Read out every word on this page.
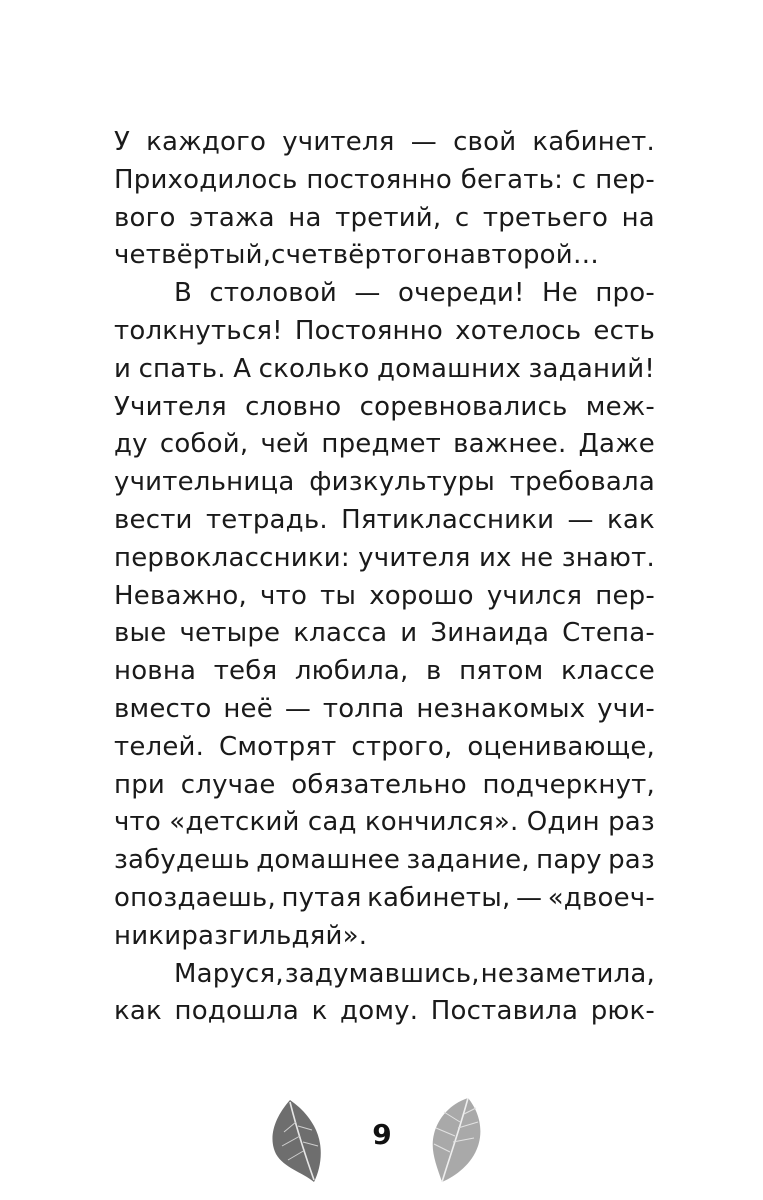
У каждого учителя — свой кабинет.
Приходилось постоянно бегать: с пер-
вого этажа на третий, с третьего на
четвёртый, с четвёртого на второй…
В столовой — очереди! Не про-
толкнуться! Постоянно хотелось есть
и спать. А сколько домашних заданий!
Учителя словно соревновались меж-
ду собой, чей предмет важнее. Даже
учительница физкультуры требовала
вести тетрадь. Пятиклассники — как
первоклассники: учителя их не знают.
Неважно, что ты хорошо учился пер-
вые четыре класса и Зинаида Степа-
новна тебя любила, в пятом классе
вместо неё — толпа незнакомых учи-
телей. Смотрят строго, оценивающе,
при случае обязательно подчеркнут,
что «детский сад кончился». Один раз
забудешь домашнее задание, пару раз
опоздаешь, путая кабинеты, — «двоеч-
ник и разгильдяй».
Маруся, задумавшись, не заметила,
как подошла к дому. Поставила рюк-
9
